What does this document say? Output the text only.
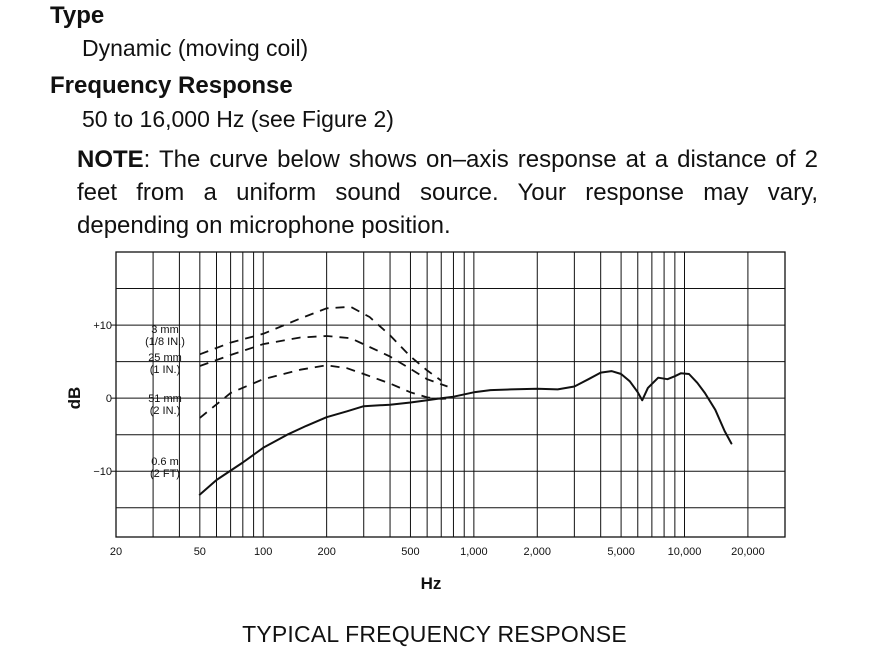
Type
Dynamic (moving coil)
Frequency Response
50 to 16,000 Hz (see Figure 2)

NOTE: The curve below shows on–axis response at a distance of 2 feet from a uniform sound source. Your response may vary, depending on microphone position.

20	50	100	200	500	1,000	2,000	5,000	10,000	20,000
+10
0
−10
3 mm (1/8 IN.)
25 mm (1 IN.)
51 mm (2 IN.)
0.6 m (2 FT)
dB
Hz
TYPICAL FREQUENCY RESPONSE
